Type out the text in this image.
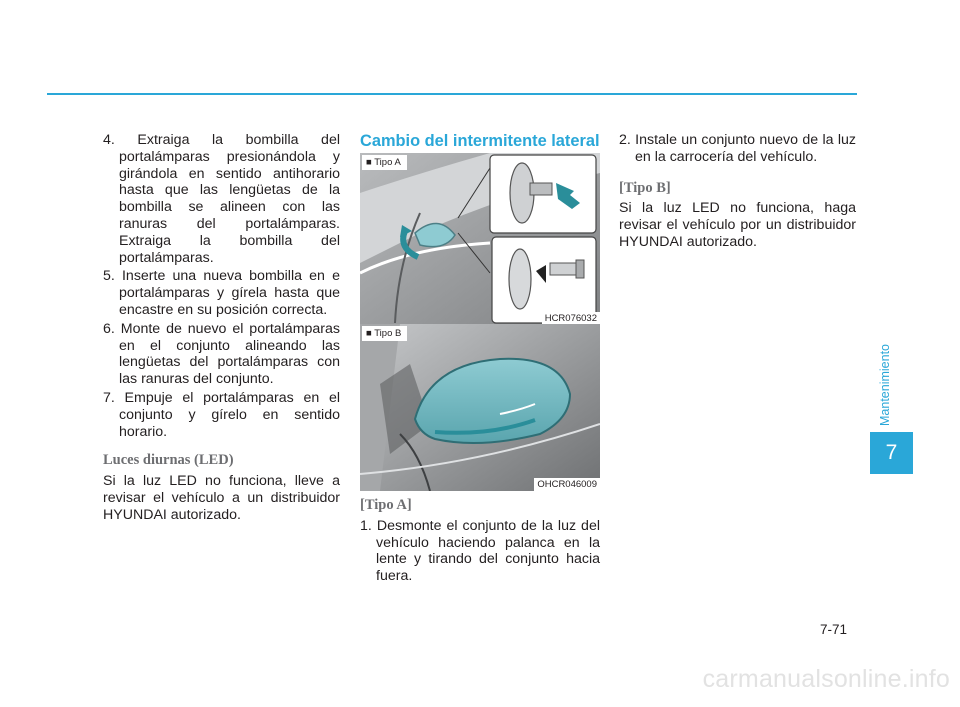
4. Extraiga la bombilla del portalámparas presionándola y girándola en sentido antihorario hasta que las lengüetas de la bombilla se alineen con las ranuras del portalámparas. Extraiga la bombilla del portalámparas.
5. Inserte una nueva bombilla en e portalámparas y gírela hasta que encastre en su posición correcta.
6. Monte de nuevo el portalámparas en el conjunto alineando las lengüetas del portalámparas con las ranuras del conjunto.
7. Empuje el portalámparas en el conjunto y gírelo en sentido horario.
Luces diurnas (LED)

Si la luz LED no funciona, lleve a revisar el vehículo a un distribuidor HYUNDAI autorizado.

Cambio del intermitente lateral
■ Tipo A
HCR076032
■ Tipo B
OHCR046009
[Tipo A]
1. Desmonte el conjunto de la luz del vehículo haciendo palanca en la lente y tirando del conjunto hacia fuera.
2. Instale un conjunto nuevo de la luz en la carrocería del vehículo.
[Tipo B]

Si la luz LED no funciona, haga revisar el vehículo por un distribuidor HYUNDAI autorizado.

Mantenimiento
7
7-71
carmanualsonline.info
